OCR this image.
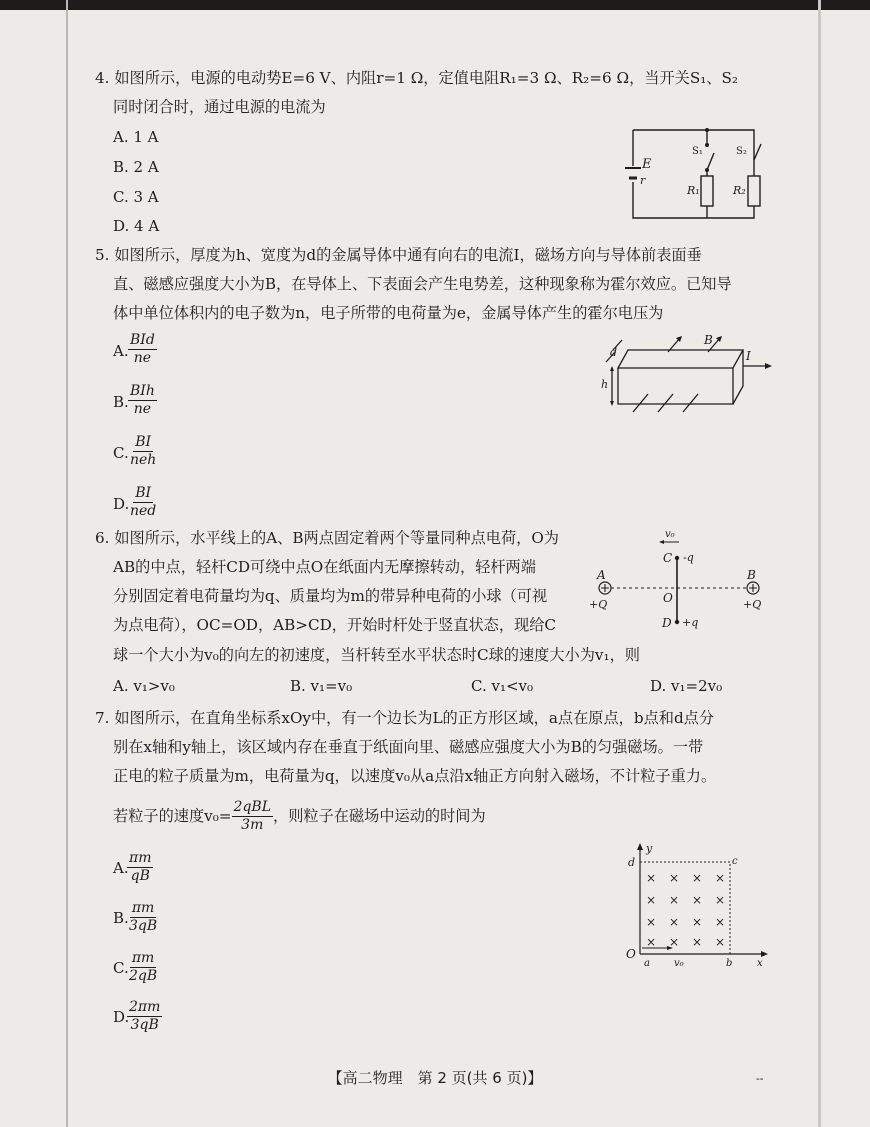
4. 如图所示，电源的电动势E=6 V、内阻r=1 Ω，定值电阻R₁=3 Ω、R₂=6 Ω，当开关S₁、S₂
同时闭合时，通过电源的电流为
A. 1 A
B. 2 A
C. 3 A
D. 4 A
E
r
S₁	S₂
R₁	R₂
5. 如图所示，厚度为h、宽度为d的金属导体中通有向右的电流I，磁场方向与导体前表面垂
直、磁感应强度大小为B，在导体上、下表面会产生电势差，这种现象称为霍尔效应。已知导
体中单位体积内的电子数为n，电子所带的电荷量为e，金属导体产生的霍尔电压为
A.
BId
ne
B.
BIh
ne
C.
BI
neh
D.
BI
ned
B
I
d
h
6. 如图所示，水平线上的A、B两点固定着两个等量同种点电荷，O为
AB的中点，轻杆CD可绕中点O在纸面内无摩擦转动，轻杆两端
分别固定着电荷量均为q、质量均为m的带异种电荷的小球（可视
为点电荷），OC=OD，AB>CD，开始时杆处于竖直状态，现给C
球一个大小为v₀的向左的初速度，当杆转至水平状态时C球的速度大小为v₁，则
A. v₁>v₀	B. v₁=v₀	C. v₁<v₀	D. v₁=2v₀
v₀
C -q
A	B
O
+Q	+Q
D +q
7. 如图所示，在直角坐标系xOy中，有一个边长为L的正方形区域，a点在原点，b点和d点分
别在x轴和y轴上，该区域内存在垂直于纸面向里、磁感应强度大小为B的匀强磁场。一带
正电的粒子质量为m，电荷量为q，以速度v₀从a点沿x轴正方向射入磁场，不计粒子重力。
若粒子的速度$v_0= \frac{\text{2qBL}}{3m}$ ，则粒子在磁场中运动的时间为
A.
$\frac{\pi m}{qB}$
B.
$\frac{\pi m}{3qB}$
C.
$\frac{\pi m}{2qB}$
D.
$\frac{2\pi m}{3qB}$
× × × ×
× × × ×
× × × ×
× × × ×
y
d	c
O
a v₀	b x
【高二物理　第 2 页(共 6 页)】	--
